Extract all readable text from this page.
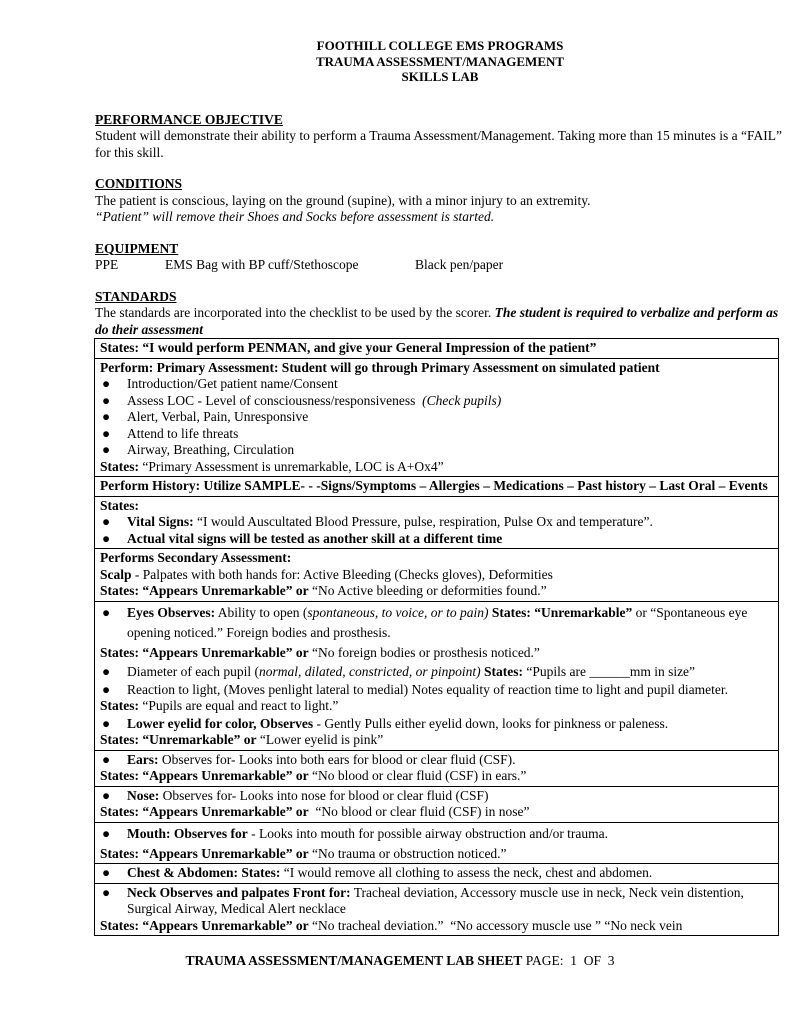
FOOTHILL COLLEGE EMS PROGRAMS
TRAUMA ASSESSMENT/MANAGEMENT
SKILLS LAB
PERFORMANCE OBJECTIVE
Student will demonstrate their ability to perform a Trauma Assessment/Management. Taking more than 15 minutes is a “FAIL” for this skill.
CONDITIONS
The patient is conscious, laying on the ground (supine), with a minor injury to an extremity.
“Patient” will remove their Shoes and Socks before assessment is started.
EQUIPMENT
PPE	EMS Bag with BP cuff/Stethoscope	Black pen/paper
STANDARDS
The standards are incorporated into the checklist to be used by the scorer. The student is required to verbalize and perform as do their assessment
States: “I would perform PENMAN, and give your General Impression of the patient”

Perform: Primary Assessment: Student will go through Primary Assessment on simulated patient
●	Introduction/Get patient name/Consent
●	Assess LOC - Level of consciousness/responsiveness (Check pupils)
●	Alert, Verbal, Pain, Unresponsive
●	Attend to life threats
●	Airway, Breathing, Circulation
States: “Primary Assessment is unremarkable, LOC is A+Ox4”

Perform History: Utilize SAMPLE- - -Signs/Symptoms – Allergies – Medications – Past history – Last Oral – Events

States:
●	Vital Signs: “I would Auscultated Blood Pressure, pulse, respiration, Pulse Ox and temperature”.
●	Actual vital signs will be tested as another skill at a different time

Performs Secondary Assessment:
Scalp - Palpates with both hands for: Active Bleeding (Checks gloves), Deformities
States: “Appears Unremarkable” or “No Active bleeding or deformities found.”

●	Eyes Observes: Ability to open (spontaneous, to voice, or to pain) States: “Unremarkable” or “Spontaneous eye opening noticed.” Foreign bodies and prosthesis.
States: “Appears Unremarkable” or “No foreign bodies or prosthesis noticed.”
●	Diameter of each pupil (normal, dilated, constricted, or pinpoint) States: “Pupils are ______mm in size”
●	Reaction to light, (Moves penlight lateral to medial) Notes equality of reaction time to light and pupil diameter.
States: “Pupils are equal and react to light.”
●	Lower eyelid for color, Observes - Gently Pulls either eyelid down, looks for pinkness or paleness.
States: “Unremarkable” or “Lower eyelid is pink”

●	Ears: Observes for- Looks into both ears for blood or clear fluid (CSF).
States: “Appears Unremarkable” or “No blood or clear fluid (CSF) in ears.”

●	Nose: Observes for- Looks into nose for blood or clear fluid (CSF)
States: “Appears Unremarkable” or  “No blood or clear fluid (CSF) in nose”

●	Mouth: Observes for - Looks into mouth for possible airway obstruction and/or trauma.
States: “Appears Unremarkable” or “No trauma or obstruction noticed.”

●	Chest & Abdomen: States: “I would remove all clothing to assess the neck, chest and abdomen.

●	Neck Observes and palpates Front for: Tracheal deviation, Accessory muscle use in neck, Neck vein distention, Surgical Airway, Medical Alert necklace
States: “Appears Unremarkable” or “No tracheal deviation.”  “No accessory muscle use ” “No neck vein
TRAUMA ASSESSMENT/MANAGEMENT LAB SHEET PAGE:  1  OF  3
